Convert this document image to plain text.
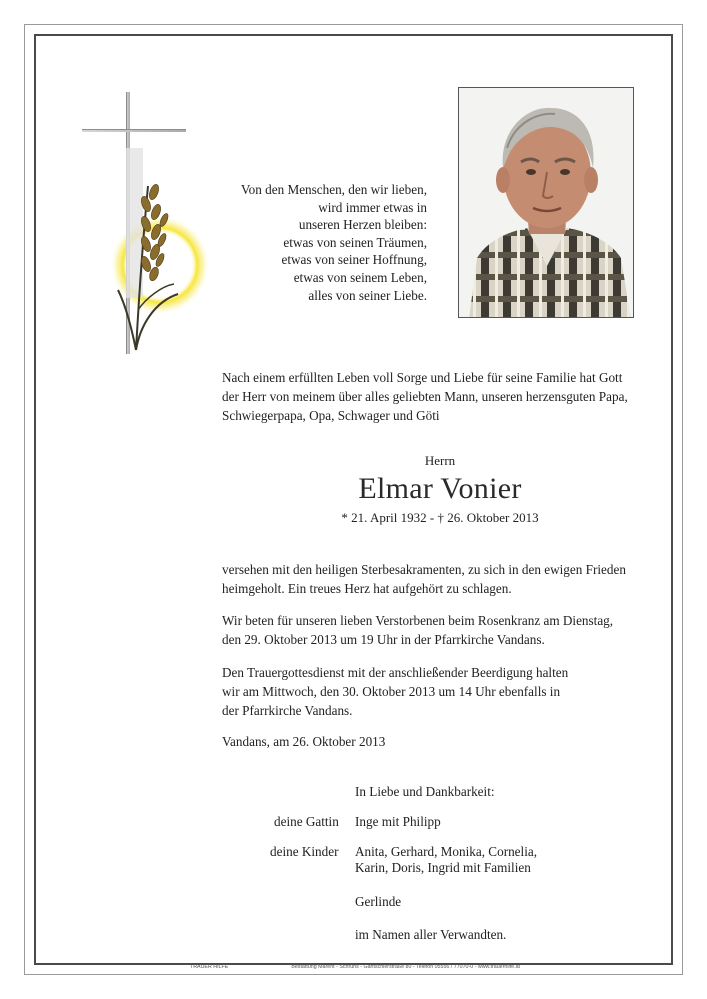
Von den Menschen, den wir lieben,
wird immer etwas in
unseren Herzen bleiben:
etwas von seinen Träumen,
etwas von seiner Hoffnung,
etwas von seinem Leben,
alles von seiner Liebe.
Nach einem erfüllten Leben voll Sorge und Liebe für seine Familie hat Gott
der Herr von meinem über alles geliebten Mann, unseren herzensguten Papa,
Schwiegerpapa, Opa, Schwager und Göti
Herrn
Elmar Vonier
* 21. April 1932 - † 26. Oktober 2013
versehen mit den heiligen Sterbesakramenten, zu sich in den ewigen Frieden
heimgeholt. Ein treues Herz hat aufgehört zu schlagen.
Wir beten für unseren lieben Verstorbenen beim Rosenkranz am Dienstag,
den 29. Oktober 2013 um 19 Uhr in der Pfarrkirche Vandans.
Den Trauergottesdienst mit der anschließender Beerdigung halten
wir am Mittwoch, den 30. Oktober 2013 um 14 Uhr ebenfalls in
der Pfarrkirche Vandans.
Vandans, am 26. Oktober 2013
In Liebe und Dankbarkeit:
deine Gattin Inge mit Philipp
deine Kinder Anita, Gerhard, Monika, Cornelia,
Karin, Doris, Ingrid mit Familien
Gerlinde
im Namen aller Verwandten.
TRAUER HILFE	Bestattung Marent - Schruns - Gantschierstraße 80 - Telefon 05556 / 77070-0 - www.trauerhilfe.at
